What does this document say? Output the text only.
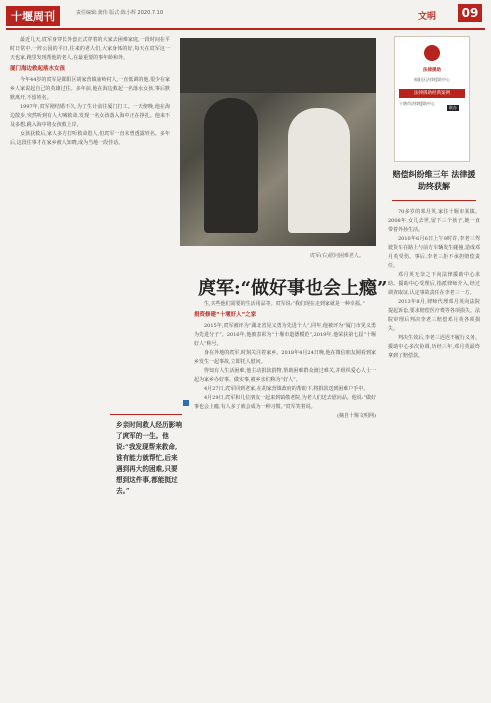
十堰周刊	责任编辑:龚伟 版式:陈小辉 2020.7.10	文明	09

最近几天,庹军身穿长外套正式穿着的大家去困难家庭,一段时间在平时日常中,一阵公园的平日,往来的老人们,大家身体的好,每天在庹军这一天也家,跑里发现帮他的老人,在最重要的事年龄和外。

厦门海边救起落水女孩

今年44岁的庹军是郧阳区胡家营镇庙岭村人,一直低调的他,很少在家乡人家说起自己的英雄过往。多年前,他在海边救起一名落水女孩,事后默默离开,不留姓名。

1997年,庹军刚结婚不久,为了生计前往厦门打工。一天傍晚,他在海边散步,突然听到有人大喊救命,发现一名女孩落入海中正在挣扎。他来不及多想,跳入海中将女孩救上岸。

女孩获救后,家人多方打听救命恩人,但庹军一直未曾透露姓名。多年后,这段往事才在家乡被人知晓,成为当地一段佳话。

庹军(右)慰问困难老人。
庹军:“做好事也会上瘾”
乡亲时间救人经历影响了庹军的一生。他说:“我发现帮来救命,谁有能力就帮忙,后来遇到再大的困难,只要想到这件事,都能挺过去。”

生,买些他们需要的生活用品等。庹军说:“我们现在走到家就是一种幸福。”

捐资修建“十堰好人”之家

2015年,庹军被评为“湖北省见义勇为先进个人”,同年,他被评为“厦门市见义勇为先进分子”。2016年,他被表彰为“十堰市道德模范”,2019年,他荣获第七届“十堰好人”称号。

身在外地的庹军,时刻关注着家乡。2018年4月24日晚,他在微信朋友圈看到家乡发生一起事故,立即托人慰问。

得知有人生活困难,他主动捐款捐物,帮助困难群众渡过难关,并组织爱心人士一起为家乡办好事、做实事,被乡亲们称为“好人”。

4月27日,庹军回到老家,在胡家营镇政府的帮助下,将捐款送到困难户手中。

4月29日,庹军和几位朋友一起来到镇敬老院,为老人们送去慰问品。他说:“做好事也会上瘾,有人多了就会成为一种习惯。”庹军笑着说。

(摘自十堰文明网)

法律援助
郧阳区法律援助中心
法律援助经典案例
十堰市法律援助中心
联办
赔偿纠纷维三年 法律援助终获解

70多岁的邓月英,家住十堰市某镇。2008年,女儿去世,留下三个孩子,她一直带着外孙生活。

2010年6月6日上午9时许,李老三驾驶货车在路上与前方车辆发生碰撞,造成邓月英受伤。事后,李老三拒不承担赔偿责任。

邓月英无奈之下向法律援助中心求助。援助中心受理后,指派律师介入,经过调查取证,认定事故责任在李老三一方。

2013年8月,律师代理邓月英向法院提起诉讼,要求赔偿医疗费等各项损失。法院审理后判决李老三赔偿邓月英各项损失。

判决生效后,李老三迟迟不履行义务。援助中心多次协调,历经三年,邓月英最终拿到了赔偿款。
